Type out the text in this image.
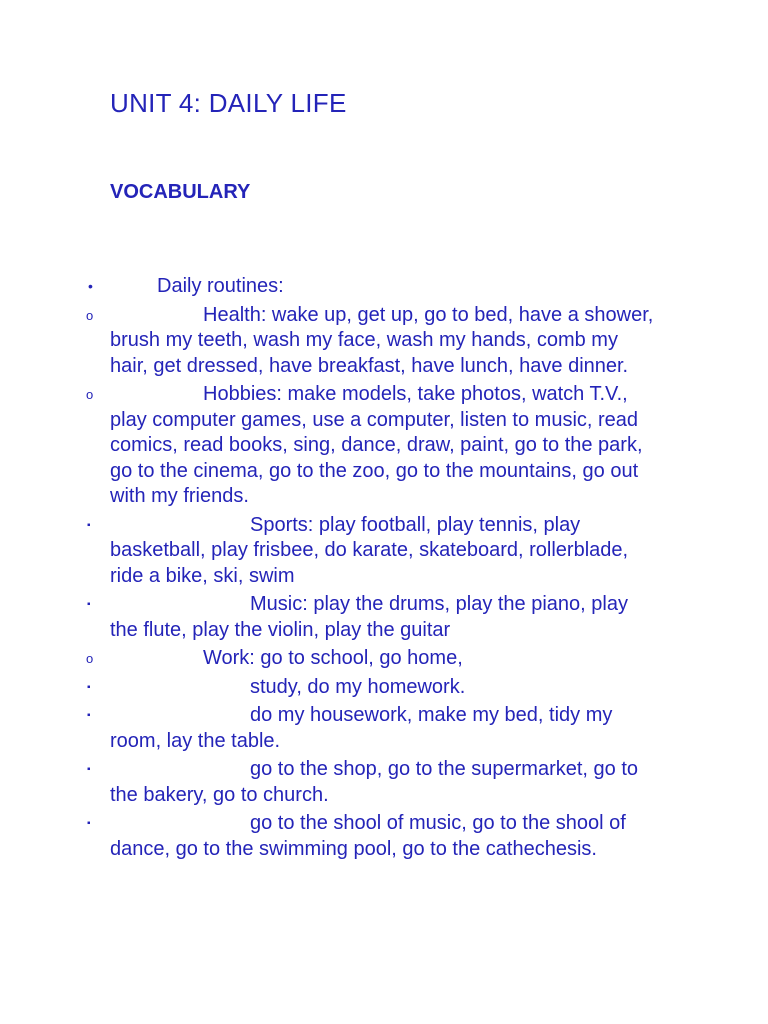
UNIT 4: DAILY LIFE
VOCABULARY
•	Daily routines:
o	Health: wake up, get up, go to bed, have a shower, brush my teeth, wash my face, wash my hands, comb my hair, get dressed, have breakfast, have lunch, have dinner.
o	Hobbies: make models, take photos, watch T.V., play computer games, use a computer, listen to music, read comics, read books, sing, dance, draw, paint, go to the park, go to the cinema, go to the zoo, go to the mountains, go out with my friends.
▪	Sports: play football, play tennis, play basketball, play frisbee, do karate, skateboard, rollerblade, ride a bike, ski, swim
▪	Music: play the drums, play the piano, play the flute, play the violin, play the guitar
o	Work: go to school, go home,
▪	study, do my homework.
▪	do my housework, make my bed, tidy my room, lay the table.
▪	go to the shop, go to the supermarket, go to the bakery, go to church.
▪	go to the shool of music, go to the shool of dance, go to the swimming pool, go to the cathechesis.
